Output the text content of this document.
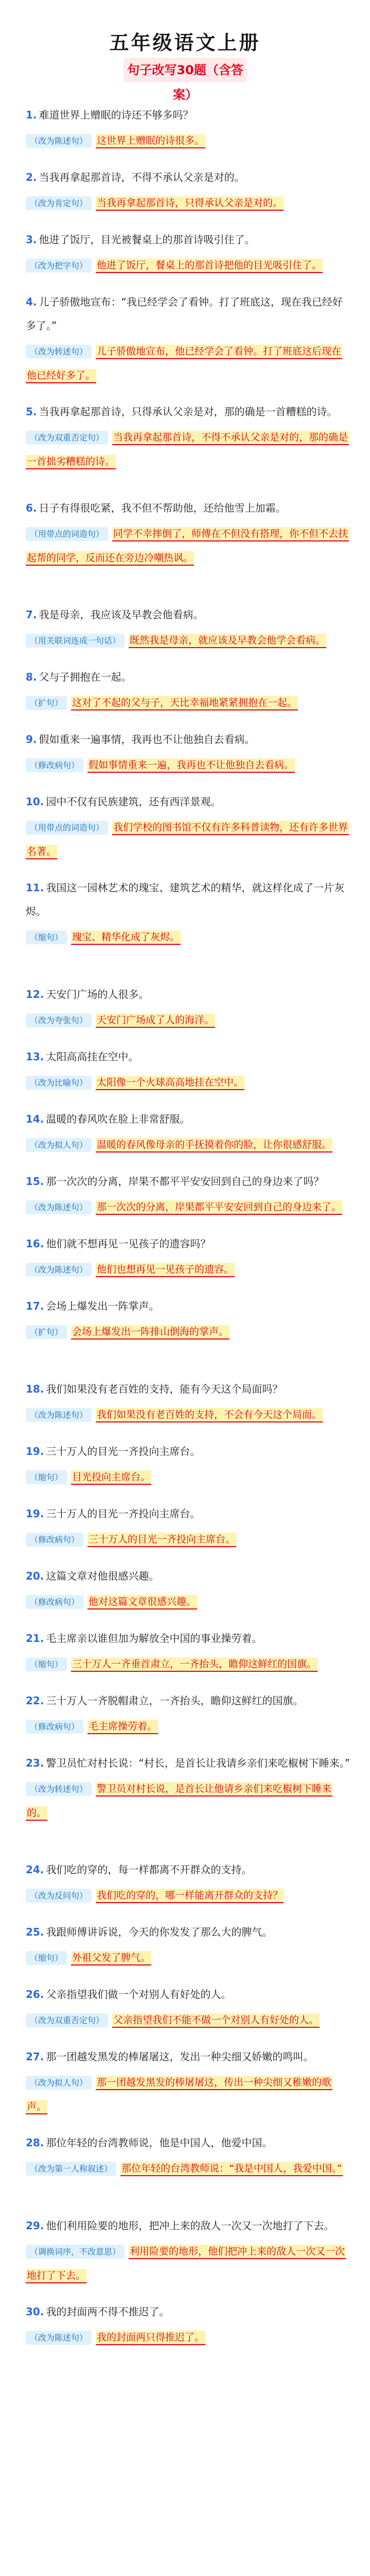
五年级语文上册
句子改写30题（含答案）

1. 难道世界上赠眠的诗还不够多吗？

（改为陈述句） 这世界上赠眠的诗很多。

2. 当我再拿起那首诗，不得不承认父亲是对的。

（改为肯定句） 当我再拿起那首诗，只得承认父亲是对的。

3. 他进了饭厅，目光被餐桌上的那首诗吸引住了。

（改为把字句） 他进了饭厅，餐桌上的那首诗把他的目光吸引住了。

4. 儿子骄傲地宣布：“我已经学会了看钟。打了班底这，现在我已经好多了。”

（改为转述句） 儿子骄傲地宣布，他已经学会了看钟。打了班底这后现在他已经好多了。

5. 当我再拿起那首诗，只得承认父亲是对，那的确是一首糟糕的诗。

（改为双重否定句） 当我再拿起那首诗，不得不承认父亲是对的，那的确是一首拙劣糟糕的诗。

6. 日子有得很吃紧，我不但不帮助他，还给他雪上加霜。

（用带点的词造句） 同学不幸摔倒了，师傅在不但没有搭理，你不但不去扶起帮的同学，反而还在旁边冷嘲热讽。

7. 我是母亲，我应该及早教会他看病。

（用关联词连成一句话） 既然我是母亲，就应该及早教会他学会看病。

8. 父与子拥抱在一起。

（扩句） 这对了不起的父与子，天比幸福地紧紧拥抱在一起。

9. 假如重来一遍事情，我再也不让他独自去看病。

（修改病句） 假如事情重来一遍，我再也不让他独自去看病。

10. 园中不仅有民族建筑，还有西洋景观。

（用带点的词造句） 我们学校的图书馆不仅有许多科普读物，还有许多世界名著。

11. 我国这一园林艺术的瑰宝、建筑艺术的精华，就这样化成了一片灰烬。

（缩句） 瑰宝、精华化成了灰烬。

12. 天安门广场的人很多。

（改为夸张句） 天安门广场成了人的海洋。

13. 太阳高高挂在空中。

（改为比喻句） 太阳像一个火球高高地挂在空中。

14. 温暖的春风吹在脸上非常舒服。

（改为拟人句） 温暖的春风像母亲的手抚摸着你的脸，让你很感舒服。

15. 那一次次的分离，岸果不都平平安安回到自己的身边来了吗？

（改为陈述句） 那一次次的分离，岸果都平平安安回到自己的身边来了。

16. 他们就不想再见一见孩子的遗容吗？

（改为陈述句） 他们也想再见一见孩子的遗容。

17. 会场上爆发出一阵掌声。

（扩句） 会场上爆发出一阵排山倒海的掌声。

18. 我们如果没有老百姓的支持，能有今天这个局面吗？

（改为陈述句） 我们如果没有老百姓的支持，不会有今天这个局面。

19. 三十万人的目光一齐投向主席台。

（缩句） 目光投向主席台。

19. 三十万人的目光一齐投向主席台。

（修改病句） 三十万人的目光一齐投向主席台。

20. 这篇文章对他很感兴趣。

（修改病句） 他对这篇文章很感兴趣。

21. 毛主席亲以谁但加为解放全中国的事业操劳着。

（缩句） 三十万人一齐垂首肃立，一齐抬头，瞻仰这鲜红的国旗。

22. 三十万人一齐脱帽肃立，一齐抬头，瞻仰这鲜红的国旗。

（修改病句） 毛主席操劳着。

23. 警卫员忙对村长说：“村长，是首长让我请乡亲们来吃椒树下睡来。”

（改为转述句） 警卫员对村长说，是首长让他请乡亲们来吃椒树下睡来的。

24. 我们吃的穿的，每一样都离不开群众的支持。

（改为反问句） 我们吃的穿的，哪一样能离开群众的支持？

25. 我跟师傅讲诉说，今天的你发发了那么大的脾气。

（缩句） 外祖父发了脾气。

26. 父亲指望我们做一个对别人有好处的人。

（改为双重否定句） 父亲指望我们不能不做一个对别人有好处的人。

27. 那一团越发黑发的棒屠屠这，发出一种尖细又娇嫩的鸣叫。

（改为拟人句） 那一团越发黑发的棒屠屠这，传出一种尖细又稚嫩的歌声。

28. 那位年轻的台湾教师说，他是中国人，他爱中国。

（改为第一人称叙述） 那位年轻的台湾教师说：“我是中国人，我爱中国。”

29. 他们利用险要的地形，把冲上来的敌人一次又一次地打了下去。

（调换词序，不改意思） 利用险要的地形，他们把冲上来的敌人一次又一次地打了下去。

30. 我的封面两不得不推迟了。

（改为陈述句） 我的封面两只得推迟了。
